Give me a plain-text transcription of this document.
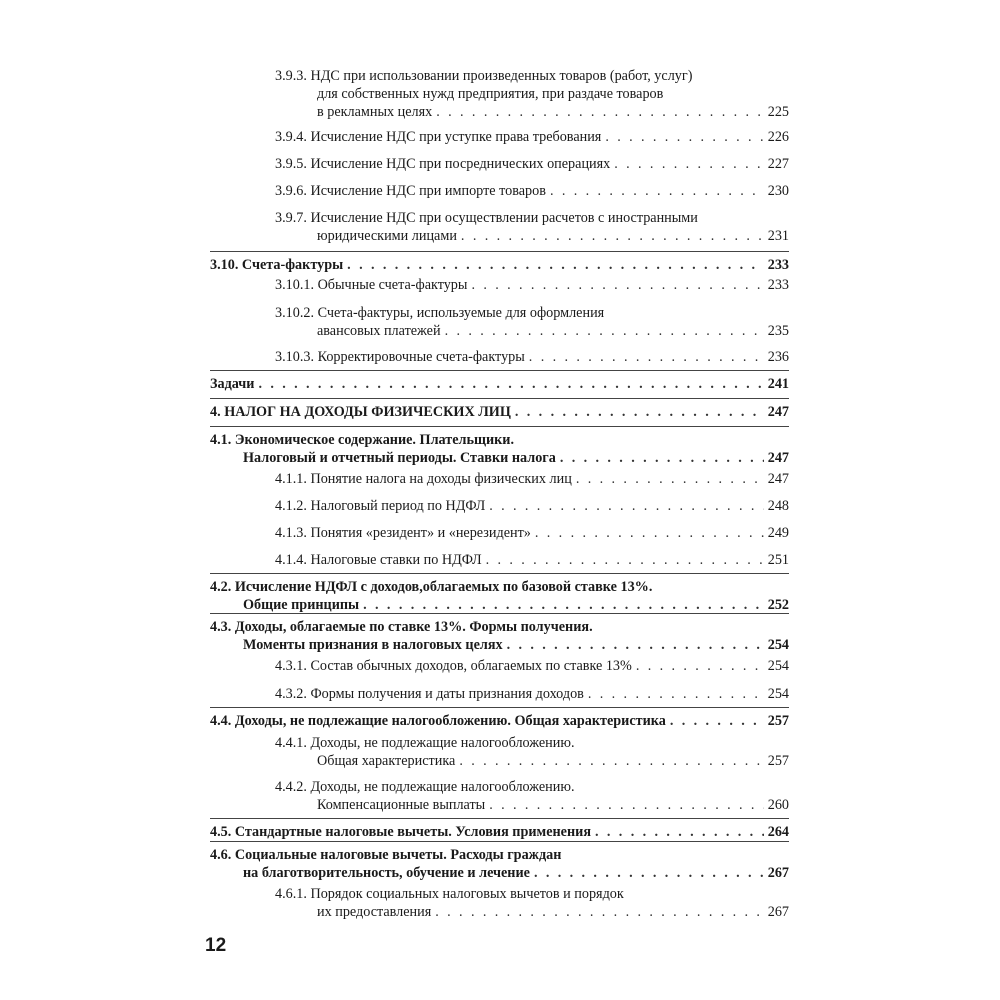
3.9.3. НДС при использовании произведенных товаров (работ, услуг)
для собственных нужд предприятия, при раздаче товаров
в рекламных целях . . .	225
3.9.4. Исчисление НДС при уступке права требования . . .	226
3.9.5. Исчисление НДС при посреднических операциях . . .	227
3.9.6. Исчисление НДС при импорте товаров . . .	230
3.9.7. Исчисление НДС при осуществлении расчетов с иностранными
юридическими лицами . . .	231
3.10. Счета-фактуры . . .	233
3.10.1. Обычные счета-фактуры . . .	233
3.10.2. Счета-фактуры, используемые для оформления
авансовых платежей . . .	235
3.10.3. Корректировочные счета-фактуры . . .	236
Задачи . . .	241
4. НАЛОГ НА ДОХОДЫ ФИЗИЧЕСКИХ ЛИЦ . . .	247
4.1. Экономическое содержание. Плательщики.
Налоговый и отчетный периоды. Ставки налога . . .	247
4.1.1. Понятие налога на доходы физических лиц . . .	247
4.1.2. Налоговый период по НДФЛ . . .	248
4.1.3. Понятия «резидент» и «нерезидент» . . .	249
4.1.4. Налоговые ставки по НДФЛ . . .	251
4.2. Исчисление НДФЛ с доходов,облагаемых по базовой ставке 13%.
Общие принципы . . .	252
4.3. Доходы, облагаемые по ставке 13%. Формы получения.
Моменты признания в налоговых целях . . .	254
4.3.1. Состав обычных доходов, облагаемых по ставке 13% . . .	254
4.3.2. Формы получения и даты признания доходов . . .	254
4.4. Доходы, не подлежащие налогообложению. Общая характеристика . . .	257
4.4.1. Доходы, не подлежащие налогообложению.
Общая характеристика . . .	257
4.4.2. Доходы, не подлежащие налогообложению.
Компенсационные выплаты . . .	260
4.5. Стандартные налоговые вычеты. Условия применения . . .	264
4.6. Социальные налоговые вычеты. Расходы граждан
на благотворительность, обучение и лечение . . .	267
4.6.1. Порядок социальных налоговых вычетов и порядок
их предоставления . . .	267
12
